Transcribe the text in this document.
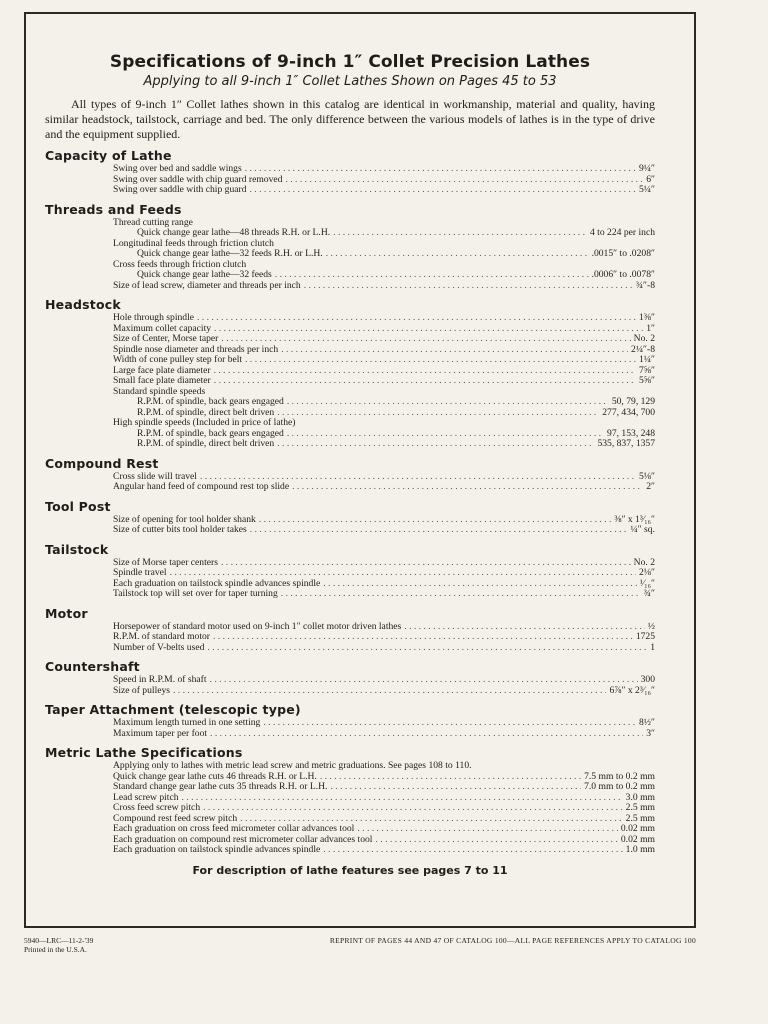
Specifications of 9-inch 1″ Collet Precision Lathes
Applying to all 9-inch 1″ Collet Lathes Shown on Pages 45 to 53

All types of 9-inch 1″ Collet lathes shown in this catalog are identical in workmanship, material and quality, having similar headstock, tailstock, carriage and bed. The only difference between the various models of lathes is in the type of drive and the equipment supplied.

Capacity of Lathe
Swing over bed and saddle wings . . .	9¼″
Swing over saddle with chip guard removed . . .	6″
Swing over saddle with chip guard . . .	5¼″
Threads and Feeds
Thread cutting range
Quick change gear lathe—48 threads R.H. or L.H. . . .	4 to 224 per inch
Longitudinal feeds through friction clutch
Quick change gear lathe—32 feeds R.H. or L.H. . . .	.0015″ to .0208″
Cross feeds through friction clutch
Quick change gear lathe—32 feeds . . .	.0006″ to .0078″
Size of lead screw, diameter and threads per inch . . .	¾″-8
Headstock
Hole through spindle . . .	1⅜″
Maximum collet capacity . . .	1″
Size of Center, Morse taper . . .	No. 2
Spindle nose diameter and threads per inch . . .	2¼″-8
Width of cone pulley step for belt . . .	1¼″
Large face plate diameter . . .	7⅝″
Small face plate diameter . . .	5⅝″
Standard spindle speeds
R.P.M. of spindle, back gears engaged . . .	50, 79, 129
R.P.M. of spindle, direct belt driven . . .	277, 434, 700
High spindle speeds (Included in price of lathe)
R.P.M. of spindle, back gears engaged . . .	97, 153, 248
R.P.M. of spindle, direct belt driven . . .	535, 837, 1357
Compound Rest
Cross slide will travel . . .	5⅛″
Angular hand feed of compound rest top slide . . .	2″
Tool Post
Size of opening for tool holder shank . . .	⅜″ x 1³⁄₁₆″
Size of cutter bits tool holder takes . . .	¼″ sq.
Tailstock
Size of Morse taper centers . . .	No. 2
Spindle travel . . .	2⅛″
Each graduation on tailstock spindle advances spindle . . .	¹⁄₁₆″
Tailstock top will set over for taper turning . . .	¾″
Motor
Horsepower of standard motor used on 9-inch 1″ collet motor driven lathes . . .	½
R.P.M. of standard motor . . .	1725
Number of V-belts used . . .	1
Countershaft
Speed in R.P.M. of shaft . . .	300
Size of pulleys . . .	6⅞″ x 2³⁄₁₆″
Taper Attachment (telescopic type)
Maximum length turned in one setting . . .	8½″
Maximum taper per foot . . .	3″
Metric Lathe Specifications
Applying only to lathes with metric lead screw and metric graduations. See pages 108 to 110.
Quick change gear lathe cuts 46 threads R.H. or L.H. . . .	7.5 mm to 0.2 mm
Standard change gear lathe cuts 35 threads R.H. or L.H. . . .	7.0 mm to 0.2 mm
Lead screw pitch . . .	3.0 mm
Cross feed screw pitch . . .	2.5 mm
Compound rest feed screw pitch . . .	2.5 mm
Each graduation on cross feed micrometer collar advances tool . . .	0.02 mm
Each graduation on compound rest micrometer collar advances tool . . .	0.02 mm
Each graduation on tailstock spindle advances spindle . . .	1.0 mm
For description of lathe features see pages 7 to 11
5940—LRC—11-2-'39
Printed in the U.S.A.
REPRINT OF PAGES 44 AND 47 OF CATALOG 100—ALL PAGE REFERENCES APPLY TO CATALOG 100
